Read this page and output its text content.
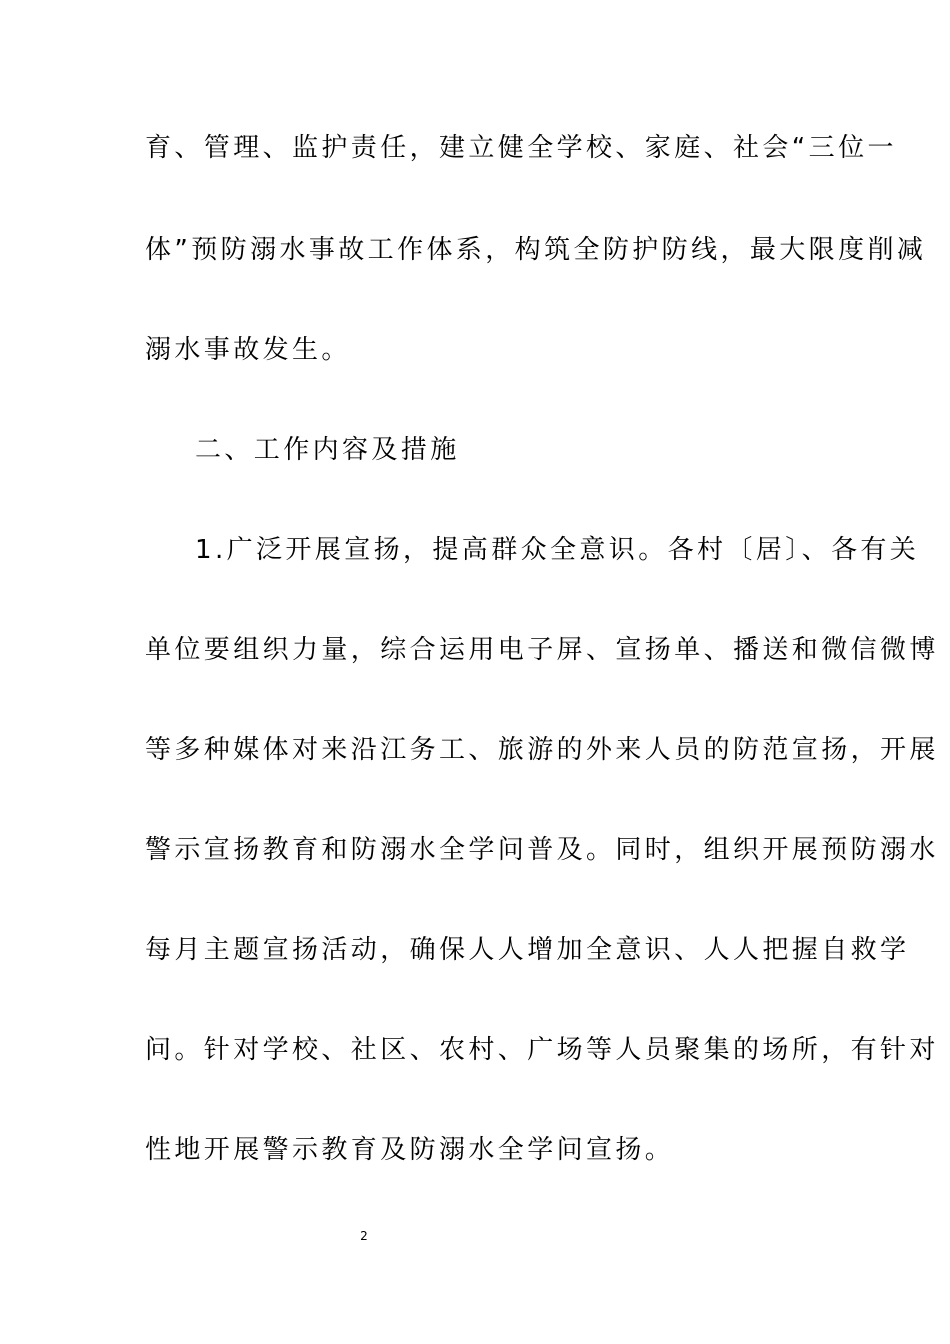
育、管理、监护责任，建立健全学校、家庭、社会“三位一
体”预防溺水事故工作体系，构筑全防护防线，最大限度削减
溺水事故发生。
二、工作内容及措施
1.广泛开展宣扬，提高群众全意识。各村〔居〕、各有关
单位要组织力量，综合运用电子屏、宣扬单、播送和微信微博
等多种媒体对来沿江务工、旅游的外来人员的防范宣扬，开展
警示宣扬教育和防溺水全学问普及。同时，组织开展预防溺水
每月主题宣扬活动，确保人人增加全意识、人人把握自救学
问。针对学校、社区、农村、广场等人员聚集的场所，有针对
性地开展警示教育及防溺水全学问宣扬。
2
